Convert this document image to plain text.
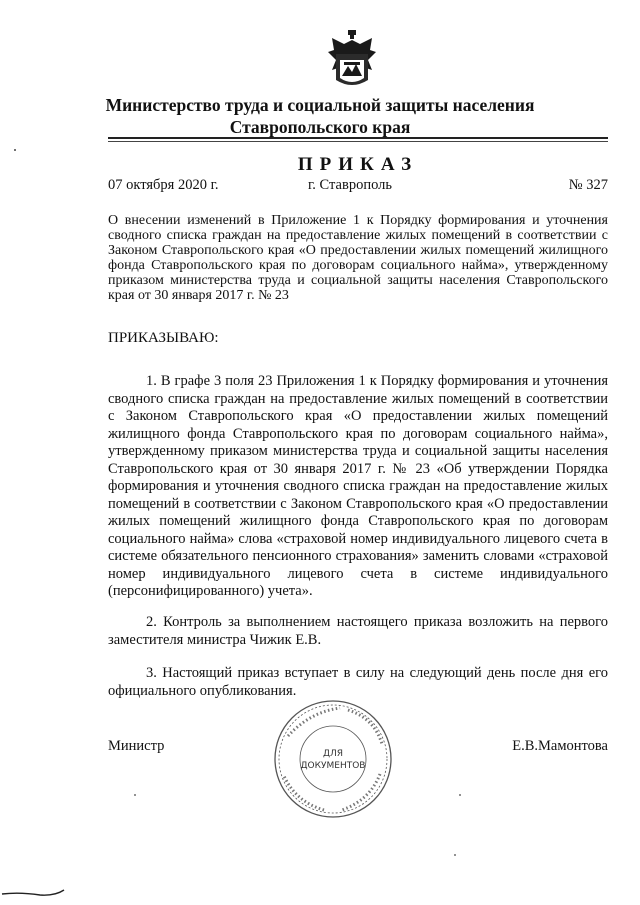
Министерство труда и социальной защиты населения
Ставропольского края
ПРИКАЗ
07 октября 2020 г.	г. Ставрополь	№ 327
О внесении изменений в Приложение 1 к Порядку формирования и уточнения сводного списка граждан на предоставление жилых помещений в соответствии с Законом Ставропольского края «О предоставлении жилых помещений жилищного фонда Ставропольского края по договорам социального найма», утвержденному приказом министерства труда и социальной защиты населения Ставропольского края от 30 января 2017 г. № 23
ПРИКАЗЫВАЮ:
1. В графе 3 поля 23 Приложения 1 к Порядку формирования и уточнения сводного списка граждан на предоставление жилых помещений в соответствии с Законом Ставропольского края «О предоставлении жилых помещений жилищного фонда Ставропольского края по договорам социального найма», утвержденному приказом министерства труда и социальной защиты населения Ставропольского края от 30 января 2017 г. № 23 «Об утверждении Порядка формирования и уточнения сводного списка граждан на предоставление жилых помещений в соответствии с Законом Ставропольского края «О предоставлении жилых помещений жилищного фонда Ставропольского края по договорам социального найма» слова «страховой номер индивидуального лицевого счета в системе обязательного пенсионного страхования» заменить словами «страховой номер индивидуального лицевого счета в системе индивидуального (персонифицированного) учета».
2. Контроль за выполнением настоящего приказа возложить на первого заместителя министра Чижик Е.В.
3. Настоящий приказ вступает в силу на следующий день после дня его официального опубликования.
Министр	Е.В.Мамонтова
ДЛЯ
ДОКУМЕНТОВ
